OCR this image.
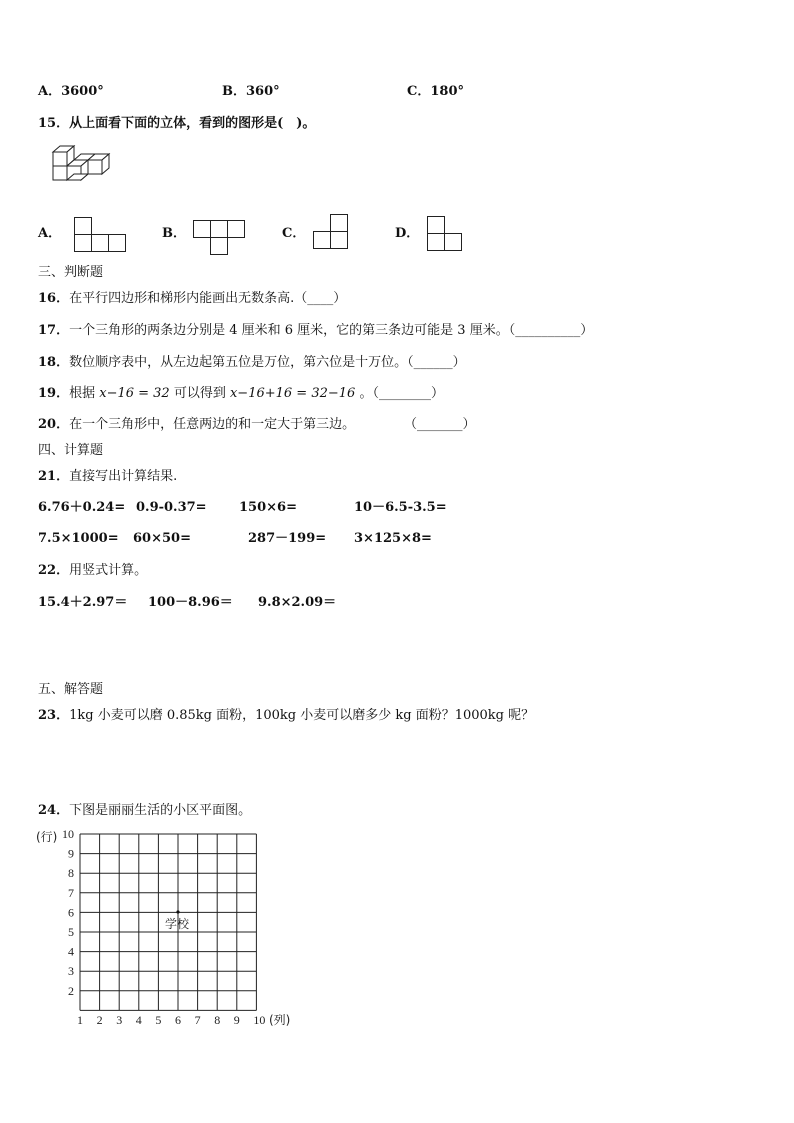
A．3600°	B．360°	C．180°
15．从上面看下面的立体，看到的图形是(　)。
A．	B．	C．	D．
三、判断题
16．在平行四边形和梯形内能画出无数条高.（____）
17．一个三角形的两条边分别是 4 厘米和 6 厘米，它的第三条边可能是 3 厘米。（__________）
18．数位顺序表中，从左边起第五位是万位，第六位是十万位。（______）
19．根据 x−16 = 32 可以得到 x−16+16 = 32−16 。（________）
20．在一个三角形中，任意两边的和一定大于第三边。	（_______）
四、计算题
21．直接写出计算结果.
6.76＋0.24= 0.9-0.37= 150×6=	10－6.5-3.5=
7.5×1000= 60×50=	287－199= 3×125×8=
22．用竖式计算。
15.4＋2.97＝ 100－8.96＝ 9.8×2.09＝
五、解答题
23．1kg 小麦可以磨 0.85kg 面粉，100kg 小麦可以磨多少 kg 面粉？1000kg 呢？
24．下图是丽丽生活的小区平面图。
(行) 10
9
8
7
6
5
4
3
2
1 2 3 4 5 6 7 8 9 10 (列)
学校
